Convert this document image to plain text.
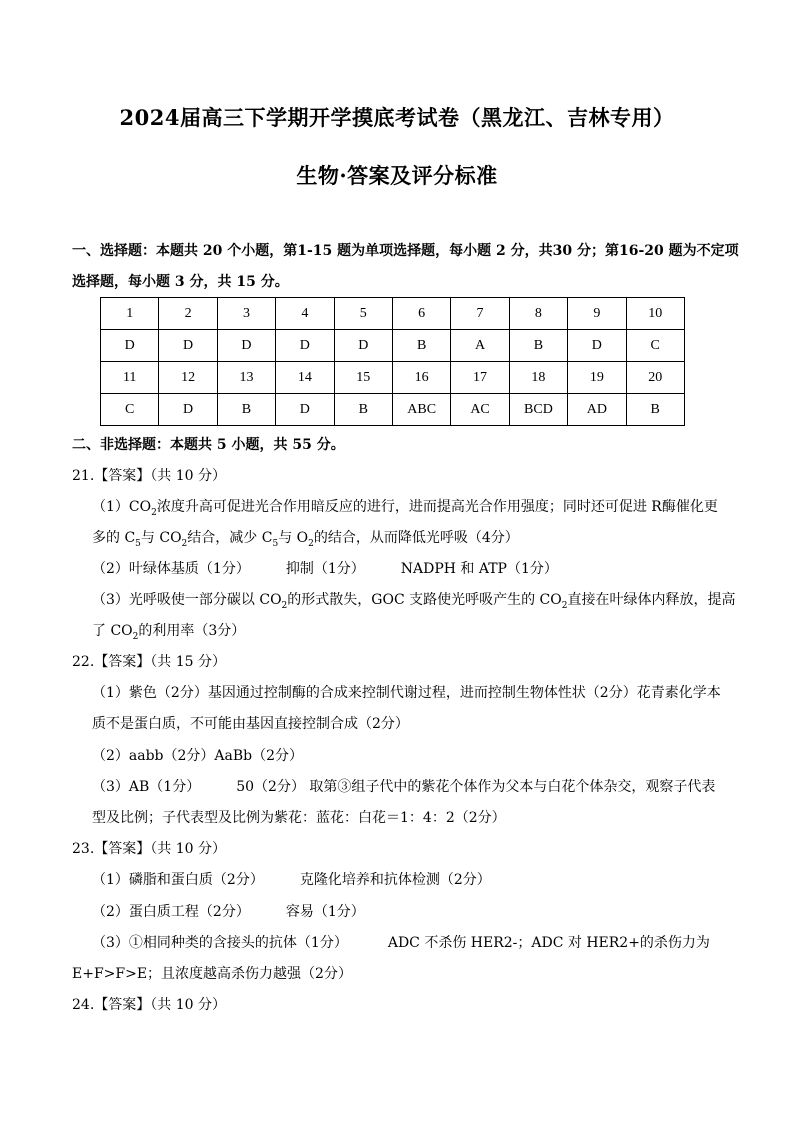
2024届高三下学期开学摸底考试卷（黑龙江、吉林专用）
生物·答案及评分标准
一、选择题：本题共 20 个小题，第1-15 题为单项选择题，每小题 2 分，共30 分；第16-20 题为不定项
选择题，每小题 3 分，共 15 分。
1	2	3	4	5	6	7	8	9	10
D	D	D	D	D	B	A	B	D	C
11	12	13	14	15	16	17	18	19	20
C	D	B	D	B	ABC	AC	BCD	AD	B
二、非选择题：本题共 5 小题，共 55 分。
21.【答案】（共 10 分）
$(1)CO_2$浓度升高可促进光合作用暗反应的进行，进而提高光合作用强度；同时还可促进 R酶催化更
多的 $C_5$与 $CO_2$结合，减少 $C_5$与 $O_2$的结合，从而降低光呼吸（4分）
（2）叶绿体基质（1分）	抑制（1分）	NADPH 和 ATP（1分）
（3）光呼吸使一部分碳以 $CO_2$的形式散失，GOC 支路使光呼吸产生的 $CO_2$直接在叶绿体内释放，提高
了 $CO_2$的利用率（3分）
22.【答案】（共 15 分）
（1）紫色（2分）基因通过控制酶的合成来控制代谢过程，进而控制生物体性状（2分）花青素化学本
质不是蛋白质，不可能由基因直接控制合成（2分）
（2）aabb（2分）AaBb（2分）
（3）AB（1分）	50（2分） 取第③组子代中的紫花个体作为父本与白花个体杂交，观察子代表
型及比例；子代表型及比例为紫花：蓝花：白花＝1：4：2（2分）
23.【答案】（共 10 分）
（1）磷脂和蛋白质（2分）	克隆化培养和抗体检测（2分）
（2）蛋白质工程（2分）	容易（1分）
（3）①相同种类的含接头的抗体（1分）	ADC 不杀伤 HER2-；ADC 对 HER2+的杀伤力为
E+F>F>E；且浓度越高杀伤力越强（2分）
24.【答案】（共 10 分）
